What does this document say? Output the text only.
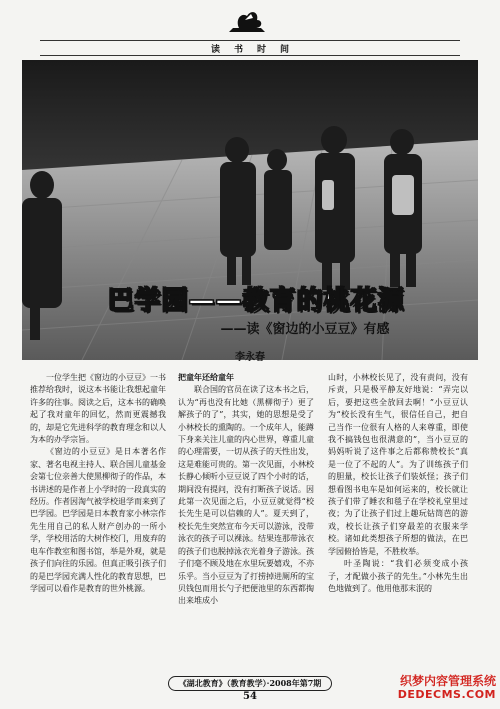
读书时间
巴学园——教育的桃花源
——读《窗边的小豆豆》有感
李永春

一位学生把《窗边的小豆豆》一书推荐给我时，说这本书能让我想起童年许多的往事。阅读之后，这本书的确唤起了我对童年的回忆，然而更震撼我的，却是它先进科学的教育理念和以人为本的办学宗旨。

《窗边的小豆豆》是日本著名作家、著名电视主持人、联合国儿童基金会第七位亲善大使黑柳彻子的作品，本书讲述的是作者上小学时的一段真实的经历。作者因淘气被学校退学而来到了巴学园。巴学园是日本教育家小林宗作先生用自己的私人财产创办的一所小学，学校用活的大树作校门，用废弃的电车作教室和图书馆，举是外观，就是孩子们向往的乐园。但真正吸引孩子们的是巴学园充满人性化的教育思想，巴学园可以看作是教育的世外桃源。

把童年还给童年

联合国的官员在读了这本书之后，认为“再也没有比她（黑柳彻子）更了解孩子的了”，其实，她的思想是受了小林校长的熏陶的。一个成年人，能蹲下身来关注儿童的内心世界，尊重儿童的心理需要，一切从孩子的天性出发，这是难能可贵的。第一次见面，小林校长静心倾听小豆豆说了四个小时的话，期间没有提问，没有打断孩子说话。因此第一次见面之后，小豆豆就觉得“校长先生是可以信赖的人”。夏天到了，校长先生突然宣布今天可以游泳，没带泳衣的孩子可以裸泳。结果连那带泳衣的孩子们也脱掉泳衣光着身子游泳。孩子们毫不顾及地在水里玩要嬉戏，不亦乐乎。当小豆豆为了打捞掉进厕所的宝贝钱包而用长勺子把便池里的东西都掏出来堆成小

山时，小林校长见了，没有责问，没有斥责，只是极平静友好地说：“弄完以后，要把这些全放回去啊！”小豆豆认为“校长没有生气，很信任自己，把自己当作一位很有人格的人来尊重，即使我不搞钱包也很满意的”，当小豆豆的妈妈听说了这件事之后都称赞校长“真是一位了不起的人”。为了训练孩子们的胆量，校长让孩子们装妖怪；孩子们想看图书电车是如何运来的，校长就让孩子们带了睡衣和毯子在学校礼堂里过夜；为了让孩子们过上趣玩钻筒芭的游戏，校长让孩子们穿最差的衣服来学校。诸如此类想孩子所想的做法，在巴学园俯拾皆是，不胜枚举。

叶圣陶说：“我们必须变成小孩子，才配做小孩子的先生。”小林先生出色地做到了。他用他那末泯的

《湖北教育》（教育教学）·2008年第7期
54
织梦内容管理系统
DEDECMS.COM
